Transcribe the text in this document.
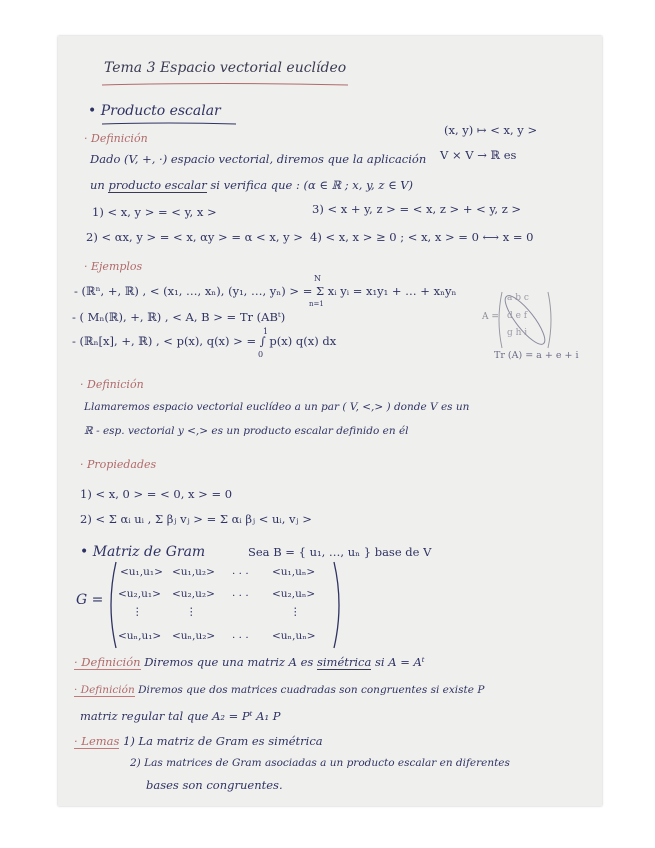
Tema 3 Espacio vectorial euclídeo
• Producto escalar
· Definición
(x, y) ↦ < x, y >
Dado (V, +, ·) espacio vectorial, diremos que la aplicación V × V → ℝ es
un producto escalar si verifica que : (α ∈ ℝ ; x, y, z ∈ V)
1) < x, y > = < y, x >	3) < x + y, z > = < x, z > + < y, z >
2) < αx, y > = < x, αy > = α < x, y > 4) < x, x > ≥ 0 ; < x, x > = 0 ⟷ x = 0
· Ejemplos
- (ℝⁿ, +, ℝ) , < (x₁, …, xₙ), (y₁, …, yₙ) > = Σ xᵢ yᵢ = x₁y₁ + … + xₙyₙ
N
n=1
- ( Mₙ(ℝ), +, ℝ) , < A, B > = Tr (ABᵗ)
- (ℝₙ[x], +, ℝ) , < p(x), q(x) > = ∫ p(x) q(x) dx
1
0
A =
a b c
d e f
g h i
Tr (A) = a + e + i
· Definición
Llamaremos espacio vectorial euclídeo a un par ( V, <,> ) donde V es un
ℝ - esp. vectorial y <,> es un producto escalar definido en él
· Propiedades
1) < x, 0 > = < 0, x > = 0
2) < Σ αᵢ uᵢ , Σ βⱼ vⱼ > = Σ αᵢ βⱼ < uᵢ, vⱼ >
• Matriz de Gram	Sea B = { u₁, …, uₙ } base de V
G =
<u₁,u₁> <u₁,u₂> · · · <u₁,uₙ>
<u₂,u₁> <u₂,u₂> · · · <u₂,uₙ>
⋮	⋮	⋮
<uₙ,u₁> <uₙ,u₂> · · · <uₙ,uₙ>
· Definición Diremos que una matriz A es simétrica si A = Aᵗ
· Definición Diremos que dos matrices cuadradas son congruentes si existe P
matriz regular tal que A₂ = Pᵗ A₁ P
· Lemas 1) La matriz de Gram es simétrica
2) Las matrices de Gram asociadas a un producto escalar en diferentes
bases son congruentes.
